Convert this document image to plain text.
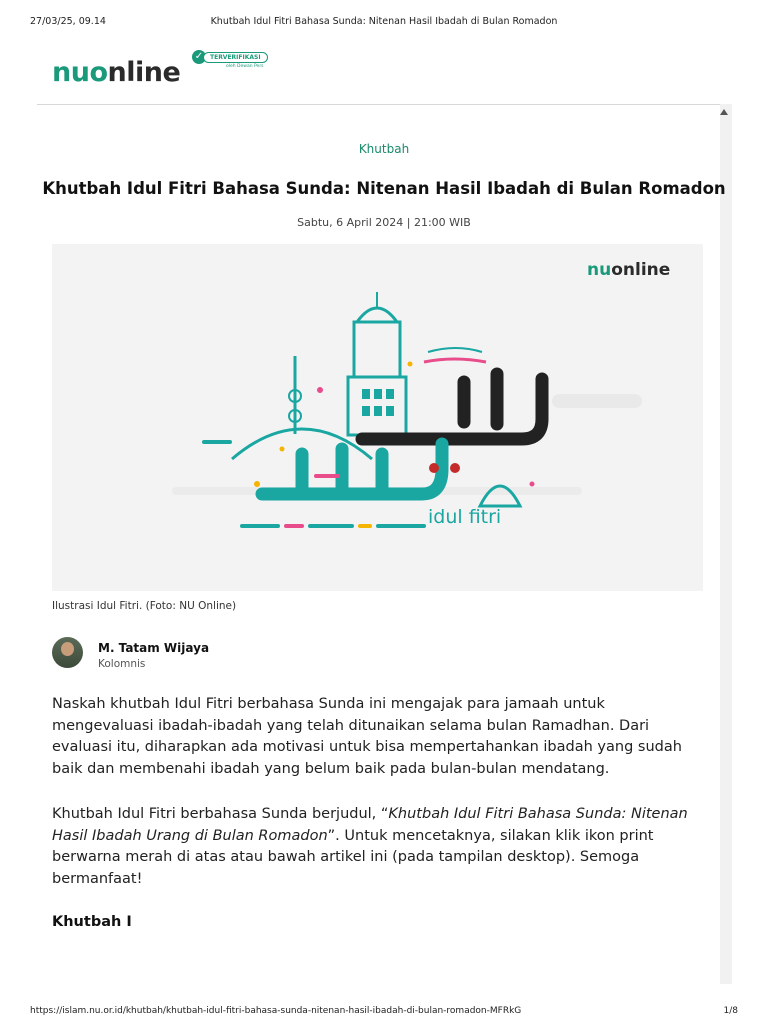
27/03/25, 09.14	Khutbah Idul Fitri Bahasa Sunda: Nitenan Hasil Ibadah di Bulan Romadon
nuonline
✓	TERVERIFIKASI
oleh Dewan Pers
Khutbah
Khutbah Idul Fitri Bahasa Sunda: Nitenan Hasil Ibadah di Bulan Romadon
Sabtu, 6 April 2024 | 21:00 WIB
nuonline
idul fitri
Ilustrasi Idul Fitri. (Foto: NU Online)
M. Tatam Wijaya
Kolomnis
Naskah khutbah Idul Fitri berbahasa Sunda ini mengajak para jamaah untuk mengevaluasi ibadah-ibadah yang telah ditunaikan selama bulan Ramadhan. Dari evaluasi itu, diharapkan ada motivasi untuk bisa mempertahankan ibadah yang sudah baik dan membenahi ibadah yang belum baik pada bulan-bulan mendatang.
Khutbah Idul Fitri berbahasa Sunda berjudul, “Khutbah Idul Fitri Bahasa Sunda: Nitenan Hasil Ibadah Urang di Bulan Romadon”. Untuk mencetaknya, silakan klik ikon print berwarna merah di atas atau bawah artikel ini (pada tampilan desktop). Semoga bermanfaat!
Khutbah I
https://islam.nu.or.id/khutbah/khutbah-idul-fitri-bahasa-sunda-nitenan-hasil-ibadah-di-bulan-romadon-MFRkG	1/8
